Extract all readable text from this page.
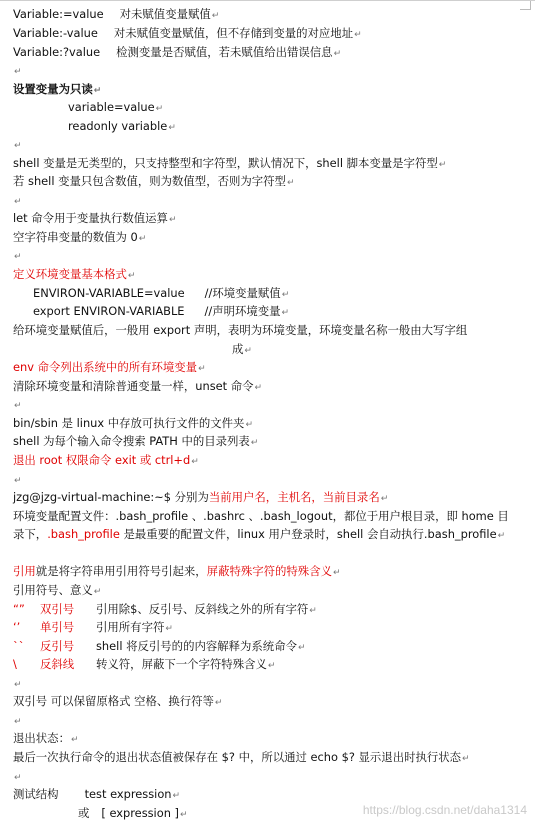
Variable:=value 对未赋值变量赋值↵
Variable:-value 对未赋值变量赋值，但不存储到变量的对应地址↵
Variable:?value 检测变量是否赋值，若未赋值给出错误信息↵
↵
设置变量为只读↵
variable=value↵
readonly variable↵
↵
shell 变量是无类型的，只支持整型和字符型，默认情况下，shell 脚本变量是字符型↵
若 shell 变量只包含数值，则为数值型，否则为字符型↵
↵
let 命令用于变量执行数值运算↵
空字符串变量的数值为 0↵
↵
定义环境变量基本格式↵
ENVIRON-VARIABLE=value //环境变量赋值↵
export ENVIRON-VARIABLE //声明环境变量↵
给环境变量赋值后，一般用 export 声明，表明为环境变量，环境变量名称一般由大写字组
成↵
env 命令列出系统中的所有环境变量↵
清除环境变量和清除普通变量一样，unset 命令↵
↵
bin/sbin 是 linux 中存放可执行文件的文件夹↵
shell 为每个输入命令搜索 PATH 中的目录列表↵
退出 root 权限命令 exit 或 ctrl+d↵
↵
jzg@jzg-virtual-machine:~$ 分别为当前用户名，主机名，当前目录名↵
环境变量配置文件：.bash_profile 、.bashrc 、.bash_logout，都位于用户根目录，即 home 目
录下，.bash_profile 是最重要的配置文件，linux 用户登录时，shell 会自动执行.bash_profile↵
引用就是将字符串用引用符号引起来，屏蔽特殊字符的特殊含义↵
引用符号、意义↵
“” 双引号 引用除$、反引号、反斜线之外的所有字符↵
‘’ 单引号 引用所有字符↵
`` 反引号 shell 将反引号的的内容解释为系统命令↵
\ 反斜线 转义符，屏蔽下一个字符特殊含义↵
↵
双引号 可以保留原格式 空格、换行符等↵
↵
退出状态：↵
最后一次执行命令的退出状态值被保存在 $? 中，所以通过 echo $? 显示退出时执行状态↵
↵
测试结构 test expression↵
或 [ expression ]↵	https://blog.csdn.net/daha1314
